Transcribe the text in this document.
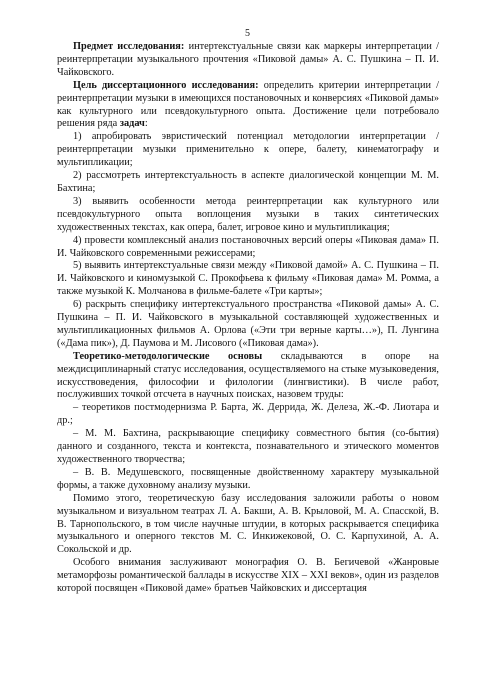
5

Предмет исследования: интертекстуальные связи как маркеры интерпретации / реинтерпретации музыкального прочтения «Пиковой дамы» А. С. Пушкина – П. И. Чайковского.

Цель диссертационного исследования: определить критерии интерпретации / реинтерпретации музыки в имеющихся постановочных и конверсиях «Пиковой дамы» как культурного или псевдокультурного опыта. Достижение цели потребовало решения ряда задач:

1) апробировать эвристический потенциал методологии интерпретации / реинтерпретации музыки применительно к опере, балету, кинематографу и мультипликации;

2) рассмотреть интертекстуальность в аспекте диалогической концепции М. М. Бахтина;

3) выявить особенности метода реинтерпретации как культурного или псевдокультурного опыта воплощения музыки в таких синтетических художественных текстах, как опера, балет, игровое кино и мультипликация;

4) провести комплексный анализ постановочных версий оперы «Пиковая дама» П. И. Чайковского современными режиссерами;

5) выявить интертекстуальные связи между «Пиковой дамой» А. С. Пушкина – П. И. Чайковского и киномузыкой С. Прокофьева к фильму «Пиковая дама» М. Ромма, а также музыкой К. Молчанова в фильме-балете «Три карты»;

6) раскрыть специфику интертекстуального пространства «Пиковой дамы» А. С. Пушкина – П. И. Чайковского в музыкальной составляющей художественных и мультипликационных фильмов А. Орлова («Эти три верные карты…»), П. Лунгина («Дама пик»), Д. Паумова и М. Лисового («Пиковая дама»).

Теоретико-методологические основы складываются в опоре на междисциплинарный статус исследования, осуществляемого на стыке музыковедения, искусствоведения, философии и филологии (лингвистики). В числе работ, послуживших точкой отсчета в научных поисках, назовем труды:

– теоретиков постмодернизма Р. Барта, Ж. Деррида, Ж. Делеза, Ж.-Ф. Лиотара и др.;

– М. М. Бахтина, раскрывающие специфику совместного бытия (со-бытия) данного и созданного, текста и контекста, познавательного и этического моментов художественного творчества;

– В. В. Медушевского, посвященные двойственному характеру музыкальной формы, а также духовному анализу музыки.

Помимо этого, теоретическую базу исследования заложили работы о новом музыкальном и визуальном театрах Л. А. Бакши, А. В. Крыловой, М. А. Спасской, В. В. Тарнопольского, в том числе научные штудии, в которых раскрывается специфика музыкального и оперного текстов М. С. Инкижековой, О. С. Карпухиной, А. А. Сокольской и др.

Особого внимания заслуживают монография О. В. Бегичевой «Жанровые метаморфозы романтической баллады в искусстве XIX – XXI веков», один из разделов которой посвящен «Пиковой даме» братьев Чайковских и диссертация
